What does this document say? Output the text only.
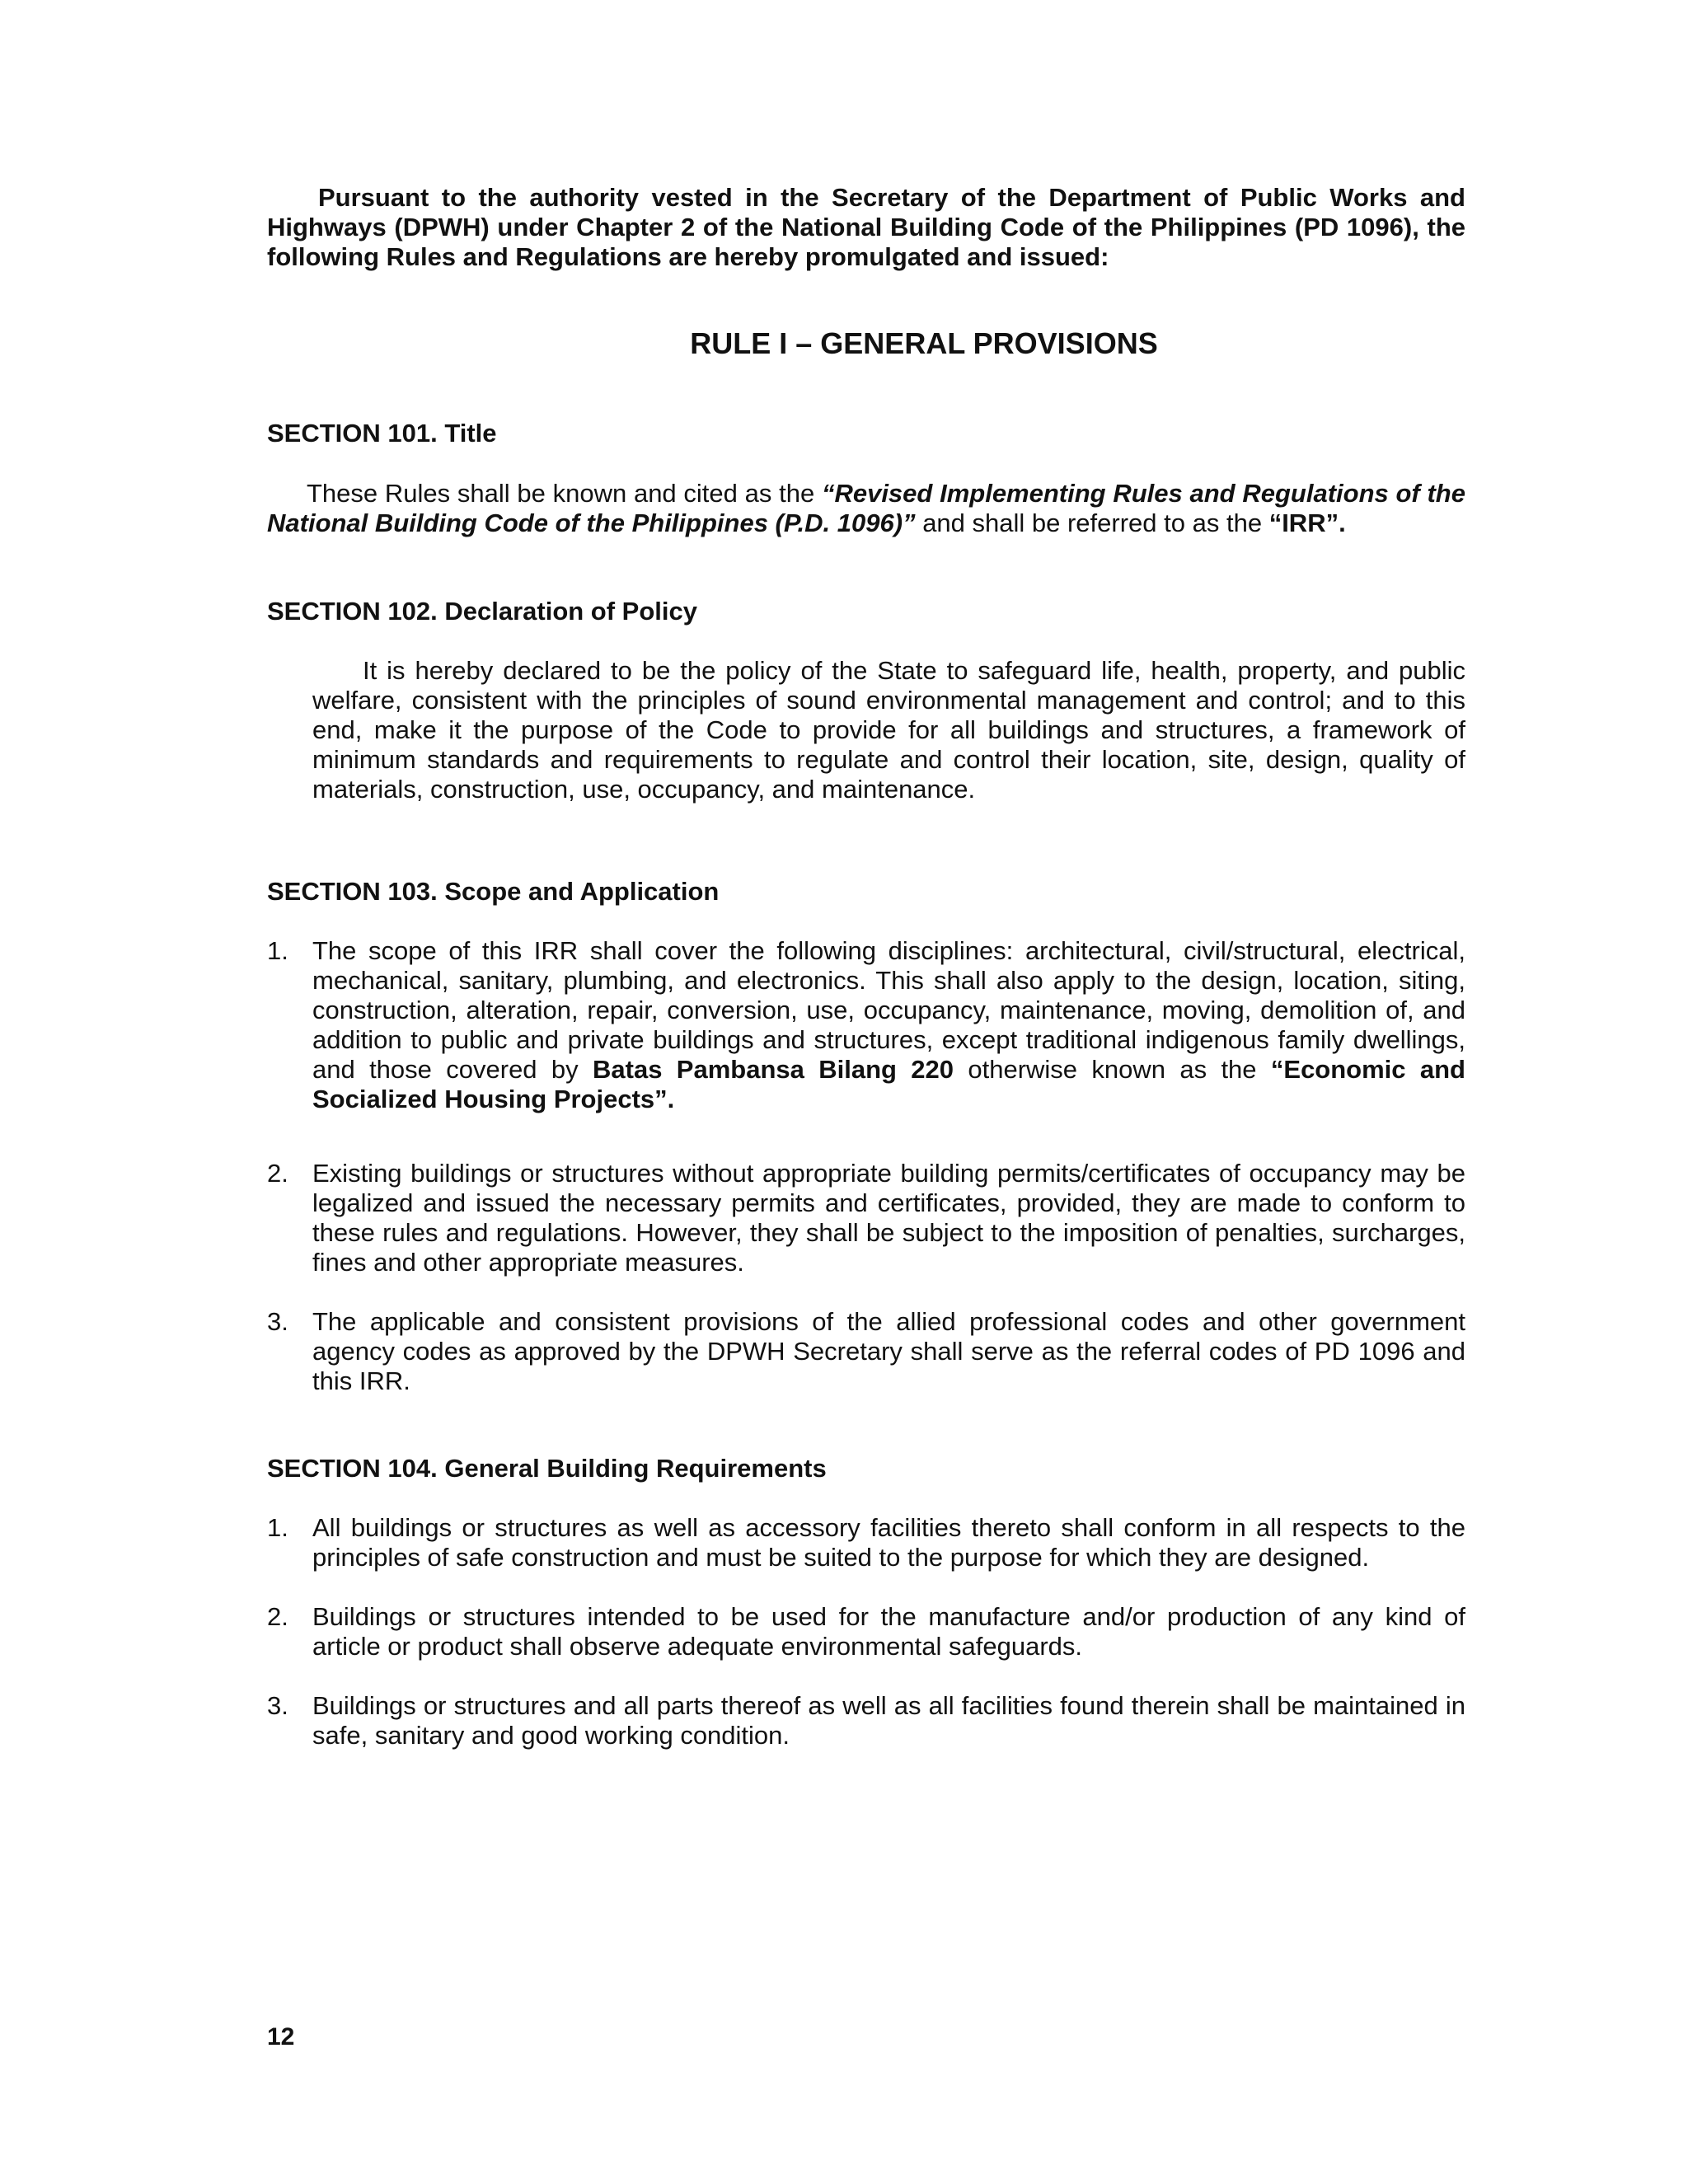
Pursuant to the authority vested in the Secretary of the Department of Public Works and Highways (DPWH) under Chapter 2 of the National Building Code of the Philippines (PD 1096), the following Rules and Regulations are hereby promulgated and issued:

RULE I – GENERAL PROVISIONS

SECTION 101. Title

These Rules shall be known and cited as the “Revised Implementing Rules and Regulations of the National Building Code of the Philippines (P.D. 1096)” and shall be referred to as the “IRR”.

SECTION 102. Declaration of Policy

It is hereby declared to be the policy of the State to safeguard life, health, property, and public welfare, consistent with the principles of sound environmental management and control; and to this end, make it the purpose of the Code to provide for all buildings and structures, a framework of minimum standards and requirements to regulate and control their location, site, design, quality of materials, construction, use, occupancy, and maintenance.

SECTION 103. Scope and Application

1. The scope of this IRR shall cover the following disciplines: architectural, civil/structural, electrical, mechanical, sanitary, plumbing, and electronics. This shall also apply to the design, location, siting, construction, alteration, repair, conversion, use, occupancy, maintenance, moving, demolition of, and addition to public and private buildings and structures, except traditional indigenous family dwellings, and those covered by Batas Pambansa Bilang 220 otherwise known as the “Economic and Socialized Housing Projects”.
2. Existing buildings or structures without appropriate building permits/certificates of occupancy may be legalized and issued the necessary permits and certificates, provided, they are made to conform to these rules and regulations. However, they shall be subject to the imposition of penalties, surcharges, fines and other appropriate measures.
3. The applicable and consistent provisions of the allied professional codes and other government agency codes as approved by the DPWH Secretary shall serve as the referral codes of PD 1096 and this IRR.

SECTION 104. General Building Requirements

1. All buildings or structures as well as accessory facilities thereto shall conform in all respects to the principles of safe construction and must be suited to the purpose for which they are designed.
2. Buildings or structures intended to be used for the manufacture and/or production of any kind of article or product shall observe adequate environmental safeguards.
3. Buildings or structures and all parts thereof as well as all facilities found therein shall be maintained in safe, sanitary and good working condition.
12
